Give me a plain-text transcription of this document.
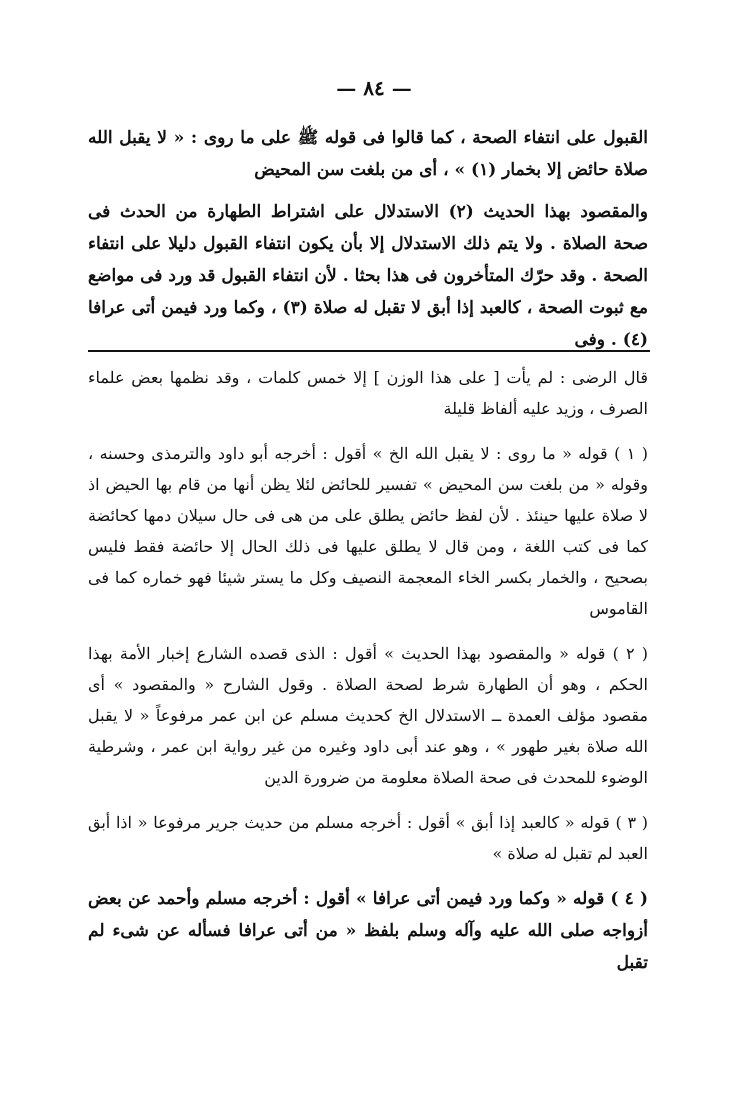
— ٨٤ —

القبول على انتفاء الصحة ، كما قالوا فى قوله ﷺ على ما روى : « لا يقبل الله صلاة حائض إلا بخمار (١) » ، أى من بلغت سن المحيض

والمقصود بهذا الحديث (٢) الاستدلال على اشتراط الطهارة من الحدث فى صحة الصلاة . ولا يتم ذلك الاستدلال إلا بأن يكون انتفاء القبول دليلا على انتفاء الصحة . وقد حرّك المتأخرون فى هذا بحثا . لأن انتفاء القبول قد ورد فى مواضع مع ثبوت الصحة ، كالعبد إذا أبق لا تقبل له صلاة (٣) ، وكما ورد فيمن أتى عرافا (٤) . وفى

قال الرضى : لم يأت [ على هذا الوزن ] إلا خمس كلمات ، وقد نظمها بعض علماء الصرف ، وزيد عليه ألفاظ قليلة

( ١ ) قوله « ما روى : لا يقبل الله الخ » أقول : أخرجه أبو داود والترمذى وحسنه ، وقوله « من بلغت سن المحيض » تفسير للحائض لئلا يظن أنها من قام بها الحيض اذ لا صلاة عليها حينئذ . لأن لفظ حائض يطلق على من هى فى حال سيلان دمها كحائضة كما فى كتب اللغة ، ومن قال لا يطلق عليها فى ذلك الحال إلا حائضة فقط فليس بصحيح ، والخمار بكسر الخاء المعجمة النصيف وكل ما يستر شيئا فهو خماره كما فى القاموس

( ٢ ) قوله « والمقصود بهذا الحديث » أقول : الذى قصده الشارع إخبار الأمة بهذا الحكم ، وهو أن الطهارة شرط لصحة الصلاة . وقول الشارح « والمقصود » أى مقصود مؤلف العمدة ــ الاستدلال الخ كحديث مسلم عن ابن عمر مرفوعاً « لا يقبل الله صلاة بغير طهور » ، وهو عند أبى داود وغيره من غير رواية ابن عمر ، وشرطية الوضوء للمحدث فى صحة الصلاة معلومة من ضرورة الدين

( ٣ ) قوله « كالعبد إذا أبق » أقول : أخرجه مسلم من حديث جرير مرفوعا « اذا أبق العبد لم تقبل له صلاة »

( ٤ ) قوله « وكما ورد فيمن أتى عرافا » أقول : أخرجه مسلم وأحمد عن بعض أزواجه صلى الله عليه وآله وسلم بلفظ « من أتى عرافا فسأله عن شىء لم تقبل
